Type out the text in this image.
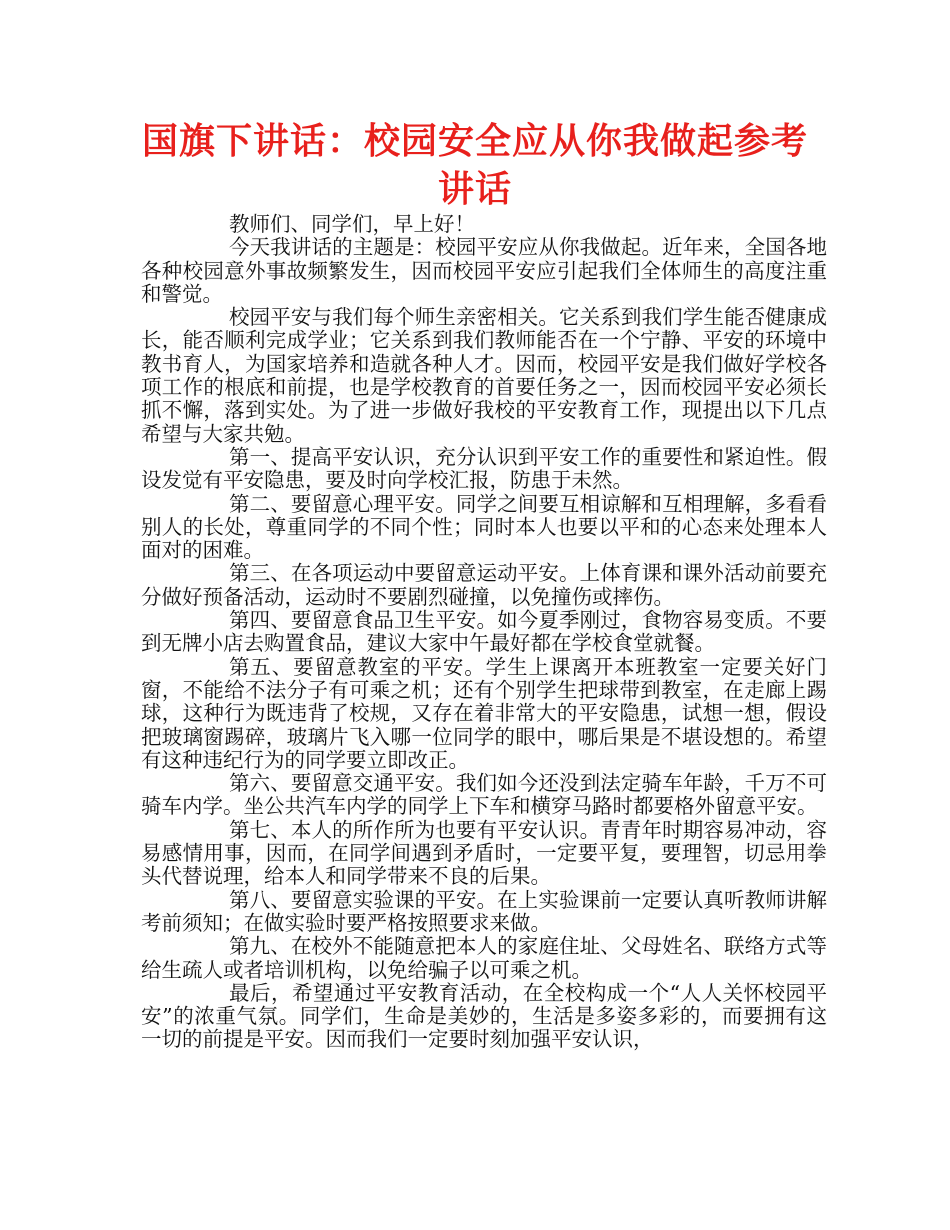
国旗下讲话：校园安全应从你我做起参考讲话

教师们、同学们，早上好！

今天我讲话的主题是：校园平安应从你我做起。近年来，全国各地各种校园意外事故频繁发生，因而校园平安应引起我们全体师生的高度注重和警觉。

校园平安与我们每个师生亲密相关。它关系到我们学生能否健康成长，能否顺利完成学业；它关系到我们教师能否在一个宁静、平安的环境中教书育人，为国家培养和造就各种人才。因而，校园平安是我们做好学校各项工作的根底和前提，也是学校教育的首要任务之一，因而校园平安必须长抓不懈，落到实处。为了进一步做好我校的平安教育工作，现提出以下几点希望与大家共勉。

第一、提高平安认识，充分认识到平安工作的重要性和紧迫性。假设发觉有平安隐患，要及时向学校汇报，防患于未然。

第二、要留意心理平安。同学之间要互相谅解和互相理解，多看看别人的长处，尊重同学的不同个性；同时本人也要以平和的心态来处理本人面对的困难。

第三、在各项运动中要留意运动平安。上体育课和课外活动前要充分做好预备活动，运动时不要剧烈碰撞，以免撞伤或摔伤。

第四、要留意食品卫生平安。如今夏季刚过，食物容易变质。不要到无牌小店去购置食品，建议大家中午最好都在学校食堂就餐。

第五、要留意教室的平安。学生上课离开本班教室一定要关好门窗，不能给不法分子有可乘之机；还有个别学生把球带到教室，在走廊上踢球，这种行为既违背了校规，又存在着非常大的平安隐患，试想一想，假设把玻璃窗踢碎，玻璃片飞入哪一位同学的眼中，哪后果是不堪设想的。希望有这种违纪行为的同学要立即改正。

第六、要留意交通平安。我们如今还没到法定骑车年龄，千万不可骑车内学。坐公共汽车内学的同学上下车和横穿马路时都要格外留意平安。

第七、本人的所作所为也要有平安认识。青青年时期容易冲动，容易感情用事，因而，在同学间遇到矛盾时，一定要平复，要理智，切忌用拳头代替说理，给本人和同学带来不良的后果。

第八、要留意实验课的平安。在上实验课前一定要认真听教师讲解考前须知；在做实验时要严格按照要求来做。

第九、在校外不能随意把本人的家庭住址、父母姓名、联络方式等给生疏人或者培训机构，以免给骗子以可乘之机。

最后，希望通过平安教育活动，在全校构成一个“人人关怀校园平安”的浓重气氛。同学们，生命是美妙的，生活是多姿多彩的，而要拥有这一切的前提是平安。因而我们一定要时刻加强平安认识，
